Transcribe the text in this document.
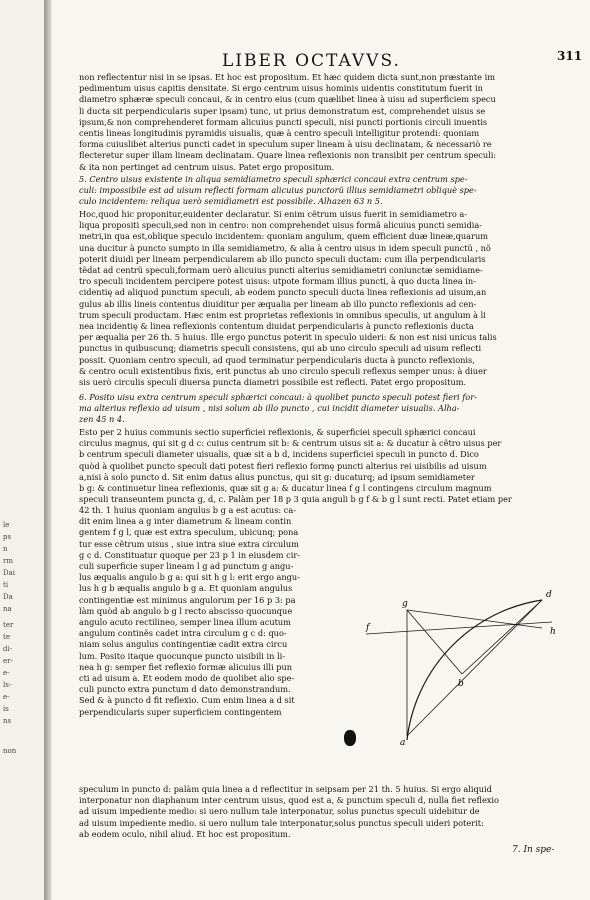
le
ps
n
rm
Dai
ti
Da
na
ter
te
di-
er-
e-
ls-
e-
is
ns
non
LIBER OCTAVVS.	311
non reflectentur nisi in se ipsas. Et hoc est propositum. Et hæc quidem dicta sunt,non præstante im
pedimentum uisus capitis densitate. Si ergo centrum uisus hominis uidentis constitutum fuerit in
diametro sphæræ speculi concaui, & in centro eius (cum quælibet linea à uisu ad superficiem specu
li ducta sit perpendicularis super ipsam) tunc, ut prius demonstratum est, comprehendet uisus se
ipsum,& non comprehenderet formam alicuius puncti speculi, nisi puncti portionis circuli inuentis
centis lineas longitudinis pyramidis uisualis, quæ à centro speculi intelligitur protendi: quoniam
forma cuiuslibet alterius puncti cadet in speculum super lineam à uisu declinatam, & necessariò re
flecteretur super illam lineam declinatam. Quare linea reflexionis non transibit per centrum speculi:
& ita non pertinget ad centrum uisus. Patet ergo propositum.
5. Centro uisus existente in aliqua semidiametro speculi sphærici concaui extra centrum spe-
culi: impossibile est ad uisum reflecti formam alicuius punctorũ illius semidiametri obliquè spe-
culo incidentem: reliqua uerò semidiametri est possibile. Alhazen 63 n 5.
Hoc,quod hic proponitur,euidenter declaratur. Si enim cẽtrum uisus fuerit in semidiametro a-
liqua propositi speculi,sed non in centro: non comprehendet uisus formã alicuius puncti semidia-
metri,in qua est,oblique speculo incidentem: quoniam angulum, quem efficient duæ lineæ,quarum
una ducitur à puncto sumpto in illa semidiametro, & alia à centro uisus in idem speculi punctũ , nõ
poterit diuidi per lineam perpendicularem ab illo puncto speculi ductam: cum illa perpendicularis
tẽdat ad centrũ speculi,formam uerò alicuius puncti alterius semidiametri coniunctæ semidiame-
tro speculi incidentem percipere potest uisus: utpote formam illius puncti, à quo ducta linea in-
cidentię ad aliquod punctum speculi, ab eodem puncto speculi ducta linea reflexionis ad uisum,an
gulus ab illis lineis contentus diuiditur per æqualia per lineam ab illo puncto reflexionis ad cen-
trum speculi productam. Hæc enim est proprietas reflexionis in omnibus speculis, ut angulum à li
nea incidentię & linea reflexionis contentum diuidat perpendicularis à puncto reflexionis ducta
per æqualia per 26 th. 5 huius. Ille ergo punctus poterit in speculo uideri: & non est nisi unicus talis
punctus in quibuscunq; diametris speculi consistens, qui ab uno circulo speculi ad uisum reflecti
possit. Quoniam centro speculi, ad quod terminatur perpendicularis ducta à puncto reflexionis,
& centro oculi existentibus fixis, erit punctus ab uno circulo speculi reflexus semper unus: à diuer
sis uerò circulis speculi diuersa puncta diametri possibile est reflecti. Patet ergo propositum.
6. Posito uisu extra centrum speculi sphærici concaui: à quolibet puncto speculi potest fieri for-
ma alterius reflexio ad uisum , nisi solum ab illo puncto , cui incidit diameter uisualis. Alha-
zen 45 n 4.
Esto per 2 huius communis sectio superficiei reflexionis, & superficiei speculi sphærici concaui
circulus magnus, qui sit g d c: cuius centrum sit b: & centrum uisus sit a: & ducatur à cẽtro uisus per
b centrum speculi diameter uisualis, quæ sit a b d, incidens superficiei speculi in puncto d. Dico
quòd à quolibet puncto speculi dati potest fieri reflexio formę puncti alterius rei uisibilis ad uisum
a,nisi à solo puncto d. Sit enim datus alius punctus, qui sit g: ducaturq; ad ipsum semidiameter
b g: & continuetur linea reflexionis, quæ sit g a: & ducatur linea f g l contingens circulum magnum
speculi transeuntem puncta g, d, c. Palàm per 18 p 3 quia anguli b g f & b g l sunt recti. Patet etiam per
42 th. 1 huius quoniam angulus b g a est acutus: ca-
dit enim linea a g inter diametrum & lineam contin
gentem f g l, quæ est extra speculum, ubicunq; pona
tur esse cẽtrum uisus , siue intra siue extra circulum
g c d. Constituatur quoque per 23 p 1 in eiusdem cir-
culi superficie super lineam l g ad punctum g angu-
lus æqualis angulo b g a: qui sit h g l: erit ergo angu-
lus h g b æqualis angulo b g a. Et quoniam angulus
contingentiæ est minimus angulorum per 16 p 3: pa
làm quòd ab angulo b g l recto abscisso quocunque
angulo acuto rectilineo, semper linea illum acutum
angulum continẽs cadet intra circulum g c d: quo-
niam solus angulus contingentiæ cadit extra circu
lum. Posito itaque quocunque puncto uisibili in li-
nea h g: semper fiet reflexio formæ alicuius illi pun
cti ad uisum a. Et eodem modo de quolibet alio spe-
culi puncto extra punctum d dato demonstrandum.
Sed & à puncto d fit reflexio. Cum enim linea a d sit
perpendicularis super superficiem contingentem
speculum in puncto d: palàm quia linea a d reflectitur in seipsam per 21 th. 5 huius. Si ergo aliquid
interponatur non diaphanum inter centrum uisus, quod est a, & punctum speculi d, nulla fiet reflexio
ad uisum impediente medio: si uero nullum tale interponatur, solus punctus speculi uidebitur de
ad uisum impediente medio. si uero nullum tale interponatur,solus punctus speculi uideri poterit:
ab eodem oculo, nihil aliud. Et hoc est propositum.
g
f
d
h
b
a
7. In spe-
